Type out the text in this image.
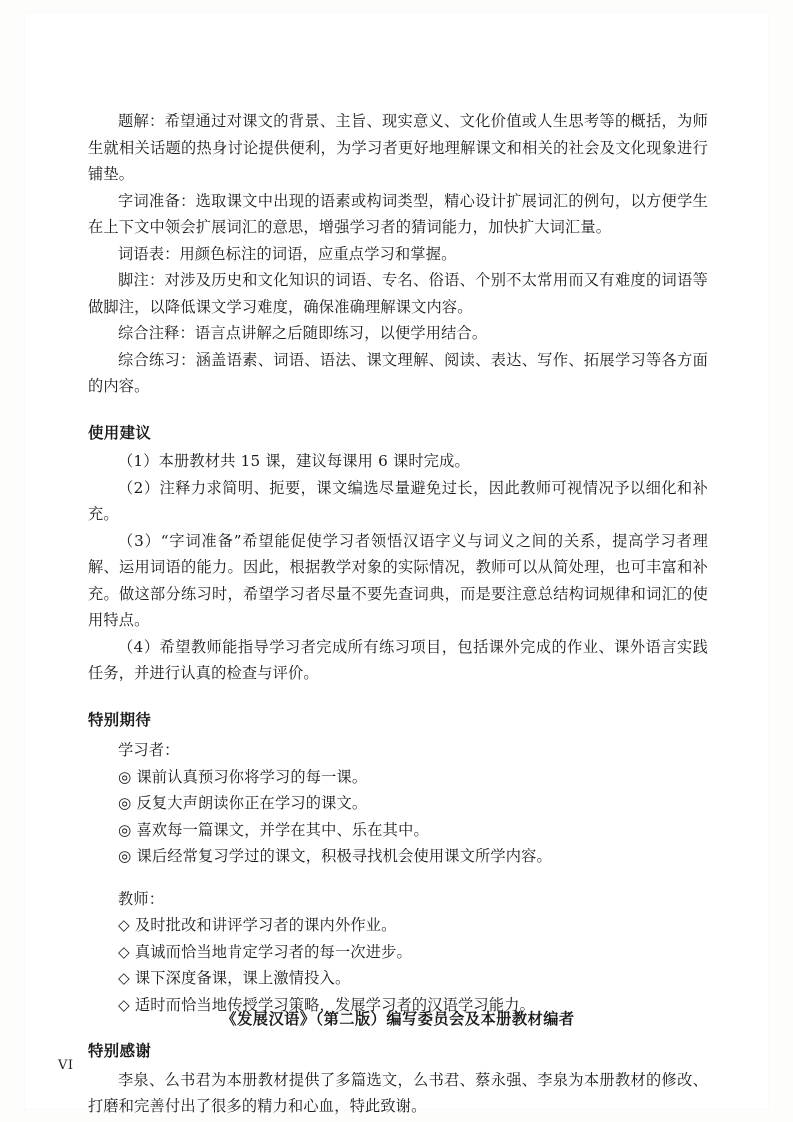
题解：希望通过对课文的背景、主旨、现实意义、文化价值或人生思考等的概括，为师生就相关话题的热身讨论提供便利，为学习者更好地理解课文和相关的社会及文化现象进行铺垫。

字词准备：选取课文中出现的语素或构词类型，精心设计扩展词汇的例句，以方便学生在上下文中领会扩展词汇的意思，增强学习者的猜词能力，加快扩大词汇量。

词语表：用颜色标注的词语，应重点学习和掌握。

脚注：对涉及历史和文化知识的词语、专名、俗语、个别不太常用而又有难度的词语等做脚注，以降低课文学习难度，确保准确理解课文内容。

综合注释：语言点讲解之后随即练习，以便学用结合。

综合练习：涵盖语素、词语、语法、课文理解、阅读、表达、写作、拓展学习等各方面的内容。

使用建议

（1）本册教材共 15 课，建议每课用 6 课时完成。

（2）注释力求简明、扼要，课文编选尽量避免过长，因此教师可视情况予以细化和补充。

（3）“字词准备”希望能促使学习者领悟汉语字义与词义之间的关系，提高学习者理解、运用词语的能力。因此，根据教学对象的实际情况，教师可以从简处理，也可丰富和补充。做这部分练习时，希望学习者尽量不要先查词典，而是要注意总结构词规律和词汇的使用特点。

（4）希望教师能指导学习者完成所有练习项目，包括课外完成的作业、课外语言实践任务，并进行认真的检查与评价。

特别期待

学习者：

◎ 课前认真预习你将学习的每一课。

◎ 反复大声朗读你正在学习的课文。

◎ 喜欢每一篇课文，并学在其中、乐在其中。

◎ 课后经常复习学过的课文，积极寻找机会使用课文所学内容。

教师：

◇ 及时批改和讲评学习者的课内外作业。

◇ 真诚而恰当地肯定学习者的每一次进步。

◇ 课下深度备课，课上激情投入。

◇ 适时而恰当地传授学习策略，发展学习者的汉语学习能力。

特别感谢

李泉、么书君为本册教材提供了多篇选文，么书君、蔡永强、李泉为本册教材的修改、打磨和完善付出了很多的精力和心血，特此致谢。

《发展汉语》（第二版）编写委员会及本册教材编者
VI
